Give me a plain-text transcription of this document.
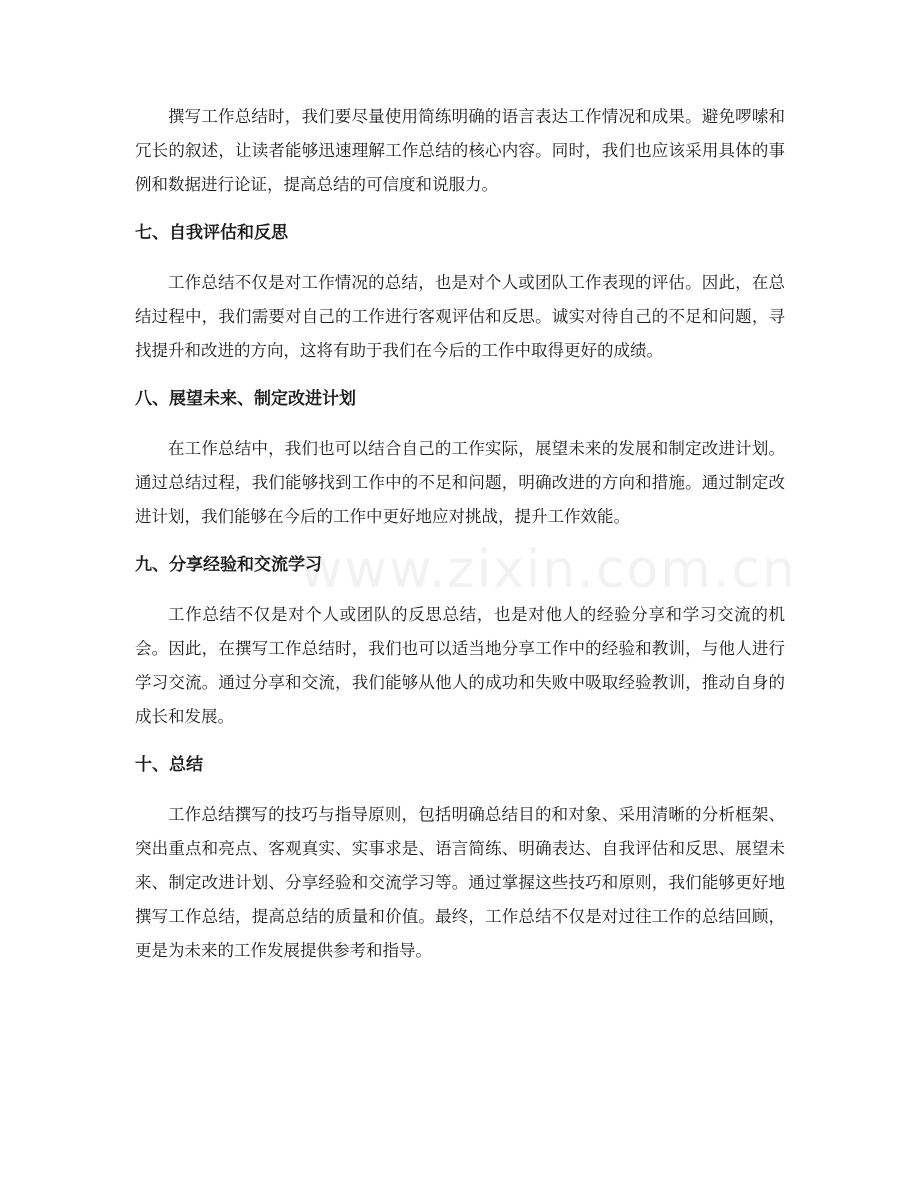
www.zixin.com.cn

撰写工作总结时，我们要尽量使用简练明确的语言表达工作情况和成果。避免啰嗦和冗长的叙述，让读者能够迅速理解工作总结的核心内容。同时，我们也应该采用具体的事例和数据进行论证，提高总结的可信度和说服力。

七、自我评估和反思

工作总结不仅是对工作情况的总结，也是对个人或团队工作表现的评估。因此，在总结过程中，我们需要对自己的工作进行客观评估和反思。诚实对待自己的不足和问题，寻找提升和改进的方向，这将有助于我们在今后的工作中取得更好的成绩。

八、展望未来、制定改进计划

在工作总结中，我们也可以结合自己的工作实际，展望未来的发展和制定改进计划。通过总结过程，我们能够找到工作中的不足和问题，明确改进的方向和措施。通过制定改进计划，我们能够在今后的工作中更好地应对挑战，提升工作效能。

九、分享经验和交流学习

工作总结不仅是对个人或团队的反思总结，也是对他人的经验分享和学习交流的机会。因此，在撰写工作总结时，我们也可以适当地分享工作中的经验和教训，与他人进行学习交流。通过分享和交流，我们能够从他人的成功和失败中吸取经验教训，推动自身的成长和发展。

十、总结

工作总结撰写的技巧与指导原则，包括明确总结目的和对象、采用清晰的分析框架、突出重点和亮点、客观真实、实事求是、语言简练、明确表达、自我评估和反思、展望未来、制定改进计划、分享经验和交流学习等。通过掌握这些技巧和原则，我们能够更好地撰写工作总结，提高总结的质量和价值。最终，工作总结不仅是对过往工作的总结回顾，更是为未来的工作发展提供参考和指导。
